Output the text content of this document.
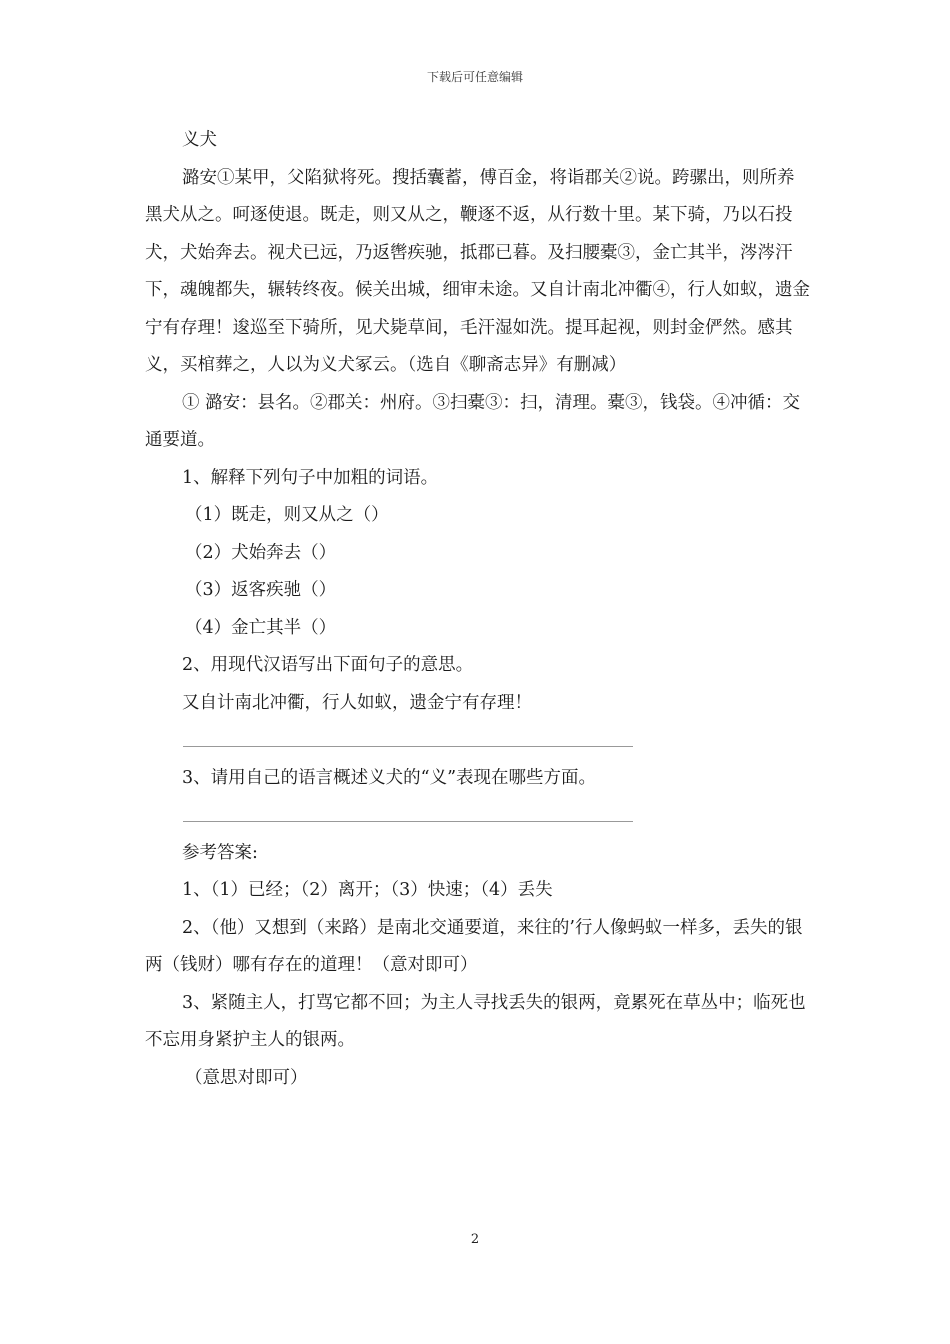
下载后可任意编辑

义犬

潞安①某甲，父陷狱将死。搜括囊蓄，傅百金，将诣郡关②说。跨骡出，则所养黑犬从之。呵逐使退。既走，则又从之，鞭逐不返，从行数十里。某下骑，乃以石投犬，犬始奔去。视犬已远，乃返辔疾驰，抵郡已暮。及扫腰橐③，金亡其半，涔涔汗下，魂魄都失，辗转终夜。候关出城，细审未途。又自计南北冲衢④，行人如蚁，遗金宁有存理！逡巡至下骑所，见犬毙草间，毛汗湿如洗。提耳起视，则封金俨然。感其义，买棺葬之，人以为义犬冢云。（选自《聊斋志异》有删减）

① 潞安：县名。②郡关：州府。③扫橐③：扫，清理。橐③，钱袋。④冲循：交通要道。

1、解释下列句子中加粗的词语。

（1）既走，则又从之（）

（2）犬始奔去（）

（3）返客疾驰（）

（4）金亡其半（）

2、用现代汉语写出下面句子的意思。

又自计南北冲衢，行人如蚁，遗金宁有存理！

3、请用自己的语言概述义犬的“义”表现在哪些方面。

参考答案:

1、（1）已经；（2）离开；（3）快速；（4）丢失

2、（他）又想到（来路）是南北交通要道，来往的’行人像蚂蚁一样多，丢失的银两（钱财）哪有存在的道理！（意对即可）

3、紧随主人，打骂它都不回；为主人寻找丢失的银两，竟累死在草丛中；临死也不忘用身紧护主人的银两。

（意思对即可）

2
